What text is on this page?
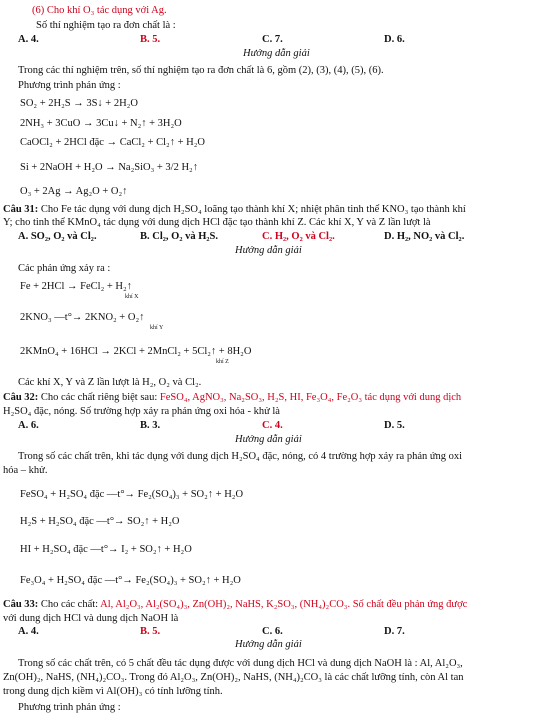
(6) Cho khí O₃ tác dụng với Ag.
Số thí nghiệm tạo ra đơn chất là :
A. 4.	B. 5.	C. 7.	D. 6.
Hướng dẫn giải
Trong các thí nghiệm trên, số thí nghiệm tạo ra đơn chất là 6, gồm (2), (3), (4), (5), (6).
Phương trình phản ứng :
SO₂ + 2H₂S → 3S↓ + 2H₂O
2NH₃ + 3CuO → 3Cu↓ + N₂↑ + 3H₂O
CaOCl₂ + 2HCl đặc → CaCl₂ + Cl₂↑ + H₂O
Si + 2NaOH + H₂O → Na₂SiO₃ + 3/2 H₂↑
O₃ + 2Ag → Ag₂O + O₂↑
Câu 31: Cho Fe tác dụng với dung dịch H₂SO₄ loãng tạo thành khí X; nhiệt phân tinh thể KNO₃ tạo thành khí
Y; cho tinh thể KMnO₄ tác dụng với dung dịch HCl đặc tạo thành khí Z. Các khí X, Y và Z lần lượt là
A. SO₂, O₂ và Cl₂.	B. Cl₂, O₂ và H₂S.	C. H₂, O₂ và Cl₂.	D. H₂, NO₂ và Cl₂.
Hướng dẫn giải
Các phản ứng xảy ra :
Fe + 2HCl → FeCl₂ + H₂↑
khí X
2KNO₃ —t°→ 2KNO₂ + O₂↑
khí Y
2KMnO₄ + 16HCl → 2KCl + 2MnCl₂ + 5Cl₂↑ + 8H₂O
khí Z
Các khí X, Y và Z lần lượt là H₂, O₂ và Cl₂.
Câu 32: Cho các chất riêng biệt sau: FeSO₄, AgNO₃, Na₂SO₃, H₂S, HI, Fe₃O₄, Fe₂O₃ tác dụng với dung dịch
H₂SO₄ đặc, nóng. Số trường hợp xảy ra phản ứng oxi hóa - khử là
A. 6.	B. 3.	C. 4.	D. 5.
Hướng dẫn giải
Trong số các chất trên, khi tác dụng với dung dịch H₂SO₄ đặc, nóng, có 4 trường hợp xảy ra phản ứng oxi
hóa – khử.
FeSO₄ + H₂SO₄ đặc —t°→ Fe₂(SO₄)₃ + SO₂↑ + H₂O
H₂S + H₂SO₄ đặc —t°→ SO₂↑ + H₂O
HI + H₂SO₄ đặc —t°→ I₂ + SO₂↑ + H₂O
Fe₃O₄ + H₂SO₄ đặc —t°→ Fe₂(SO₄)₃ + SO₂↑ + H₂O
Câu 33: Cho các chất: Al, Al₂O₃, Al₂(SO₄)₃, Zn(OH)₂, NaHS, K₂SO₃, (NH₄)₂CO₃. Số chất đều phản ứng được
với dung dịch HCl và dung dịch NaOH là
A. 4.	B. 5.	C. 6.	D. 7.
Hướng dẫn giải
Trong số các chất trên, có 5 chất đều tác dụng được với dung dịch HCl và dung dịch NaOH là : Al, Al₂O₃,
Zn(OH)₂, NaHS, (NH₄)₂CO₃. Trong đó Al₂O₃, Zn(OH)₂, NaHS, (NH₄)₂CO₃ là các chất lưỡng tính, còn Al tan
trong dung dịch kiềm vì Al(OH)₃ có tính lưỡng tính.
Phương trình phản ứng :
